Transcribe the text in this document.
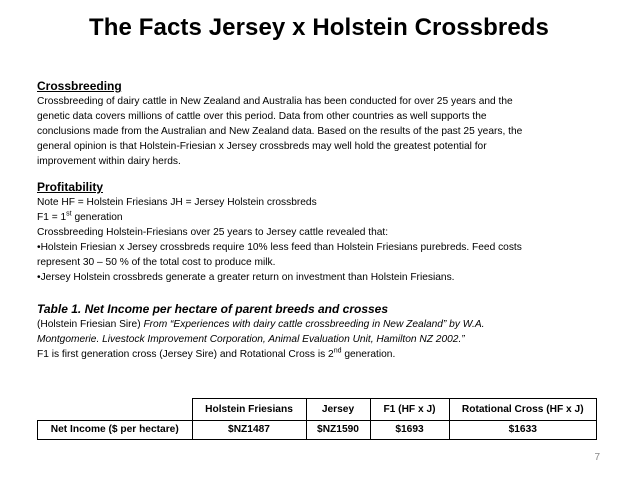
The Facts Jersey x Holstein Crossbreds
Crossbreeding
Crossbreeding of dairy cattle in New Zealand and Australia has been conducted for over 25 years and the
genetic data covers millions of cattle over this period. Data from other countries as well supports the
conclusions made from the Australian and New Zealand data. Based on the results of the past 25 years, the
general opinion is that Holstein-Friesian x Jersey crossbreds may well hold the greatest potential for
improvement within dairy herds.
Profitability
Note HF = Holstein Friesians JH = Jersey Holstein crossbreds
F1 = 1st generation
Crossbreeding Holstein-Friesians over 25 years to Jersey cattle revealed that:
•Holstein Friesian x Jersey crossbreds require 10% less feed than Holstein Friesians purebreds. Feed costs
represent 30 – 50 % of the total cost to produce milk.
•Jersey Holstein crossbreds generate a greater return on investment than Holstein Friesians.
Table 1. Net Income per hectare of parent breeds and crosses
(Holstein Friesian Sire) From “Experiences with dairy cattle crossbreeding in New Zealand” by W.A.
Montgomerie. Livestock Improvement Corporation, Animal Evaluation Unit, Hamilton NZ 2002.”
F1 is first generation cross (Jersey Sire) and Rotational Cross is 2nd generation.
	Holstein Friesians	Jersey	F1 (HF x J)	Rotational Cross (HF x J)
Net Income ($ per hectare)	$NZ1487	$NZ1590	$1693	$1633
7
